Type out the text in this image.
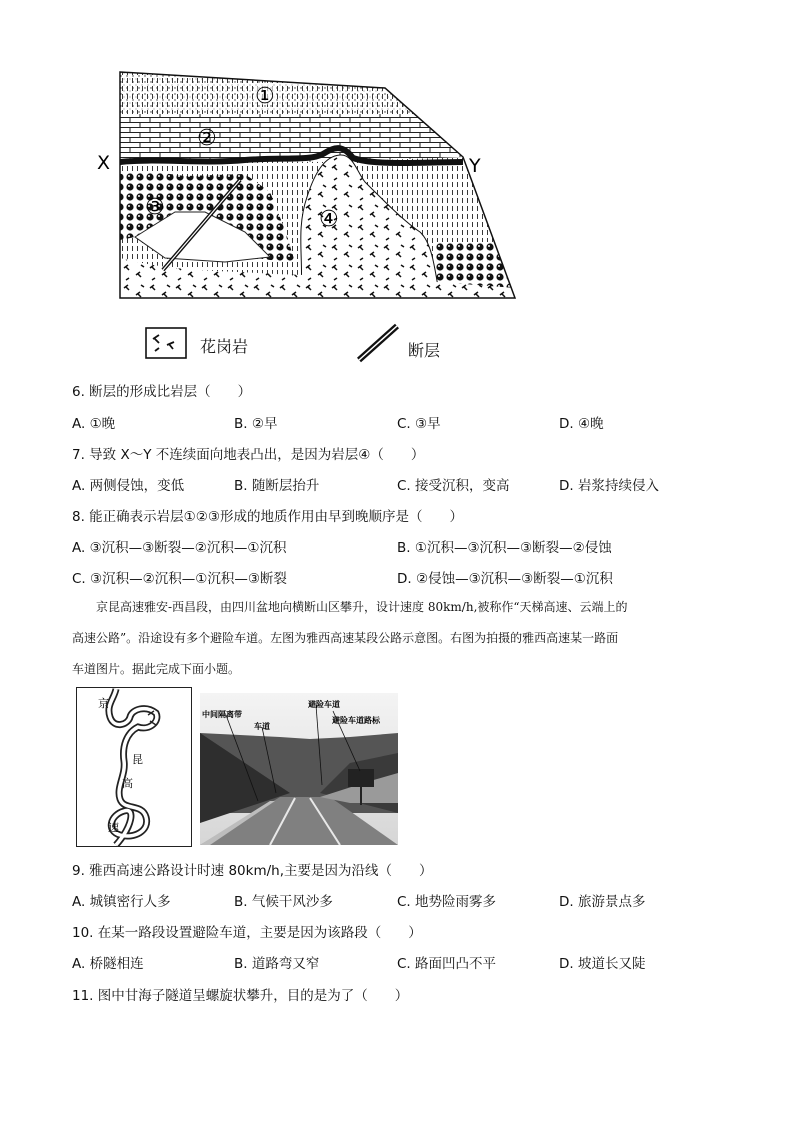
①
②
③	④
X	Y
花岗岩	断层
6. 断层的形成比岩层（　　）
A. ①晚	B. ②早	C. ③早	D. ④晚
7. 导致 X～Y 不连续面向地表凸出，是因为岩层④（　　）
A. 两侧侵蚀，变低	B. 随断层抬升	C. 接受沉积，变高	D. 岩浆持续侵入
8. 能正确表示岩层①②③形成的地质作用由早到晚顺序是（　　）
A. ③沉积—③断裂—②沉积—①沉积	B. ①沉积—③沉积—③断裂—②侵蚀
C. ③沉积—②沉积—①沉积—③断裂	D. ②侵蚀—③沉积—③断裂—①沉积
京昆高速雅安-西昌段，由四川盆地向横断山区攀升，设计速度 80km/h,被称作“天梯高速、云端上的
高速公路”。沿途设有多个避险车道。左图为雅西高速某段公路示意图。右图为拍摄的雅西高速某一路面
车道图片。据此完成下面小题。
京
昆
高
速
中间隔离带
车道
避险车道
避险车道路标
9. 雅西高速公路设计时速 80km/h,主要是因为沿线（　　）
A. 城镇密行人多	B. 气候干风沙多	C. 地势险雨雾多	D. 旅游景点多
10. 在某一路段设置避险车道，主要是因为该路段（　　）
A. 桥隧相连	B. 道路弯又窄	C. 路面凹凸不平	D. 坡道长又陡
11. 图中甘海子隧道呈螺旋状攀升，目的是为了（　　）
